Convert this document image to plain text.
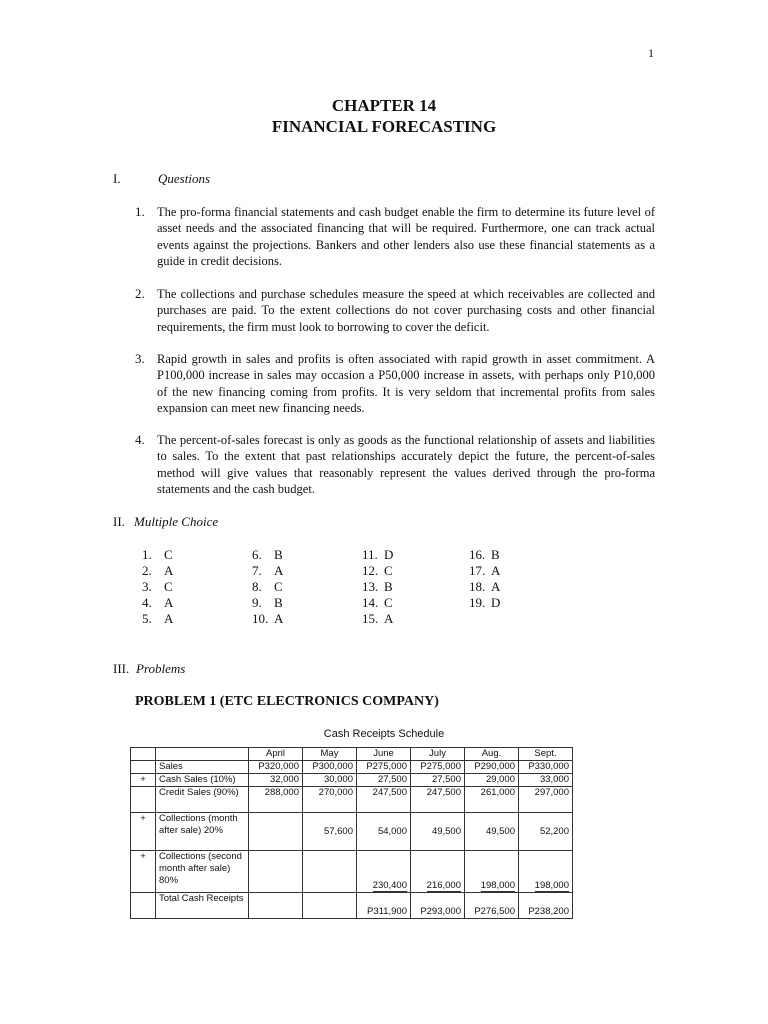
1
CHAPTER 14
FINANCIAL FORECASTING
I.	Questions
1. The pro-forma financial statements and cash budget enable the firm to determine its future level of asset needs and the associated financing that will be required. Furthermore, one can track actual events against the projections. Bankers and other lenders also use these financial statements as a guide in credit decisions.
2. The collections and purchase schedules measure the speed at which receivables are collected and purchases are paid. To the extent collections do not cover purchasing costs and other financial requirements, the firm must look to borrowing to cover the deficit.
3. Rapid growth in sales and profits is often associated with rapid growth in asset commitment. A P100,000 increase in sales may occasion a P50,000 increase in assets, with perhaps only P10,000 of the new financing coming from profits. It is very seldom that incremental profits from sales expansion can meet new financing needs.
4. The percent-of-sales forecast is only as goods as the functional relationship of assets and liabilities to sales. To the extent that past relationships accurately depict the future, the percent-of-sales method will give values that reasonably represent the values derived through the pro-forma statements and the cash budget.
II. Multiple Choice
1. C
2. A
3. C
4. A
5. A
6. B
7. A
8. C
9. B
10. A
11. D
12. C
13. B
14. C
15. A
16. B
17. A
18. A
19. D
III. Problems
PROBLEM 1 (ETC ELECTRONICS COMPANY)
Cash Receipts Schedule
		April	May	June	July	Aug.	Sept.
	Sales	P320,000	P300,000	P275,000	P275,000	P290,000	P330,000
+	Cash Sales (10%)	32,000	30,000	27,500	27,500	29,000	33,000
	Credit Sales (90%)	288,000	270,000	247,500	247,500	261,000	297,000
+	Collections (month after sale) 20%		57,600	54,000	49,500	49,500	52,200
+	Collections (second month after sale) 80%			230,400	216,000	198,000	198,000
	Total Cash Receipts			P311,900	P293,000	P276,500	P238,200
